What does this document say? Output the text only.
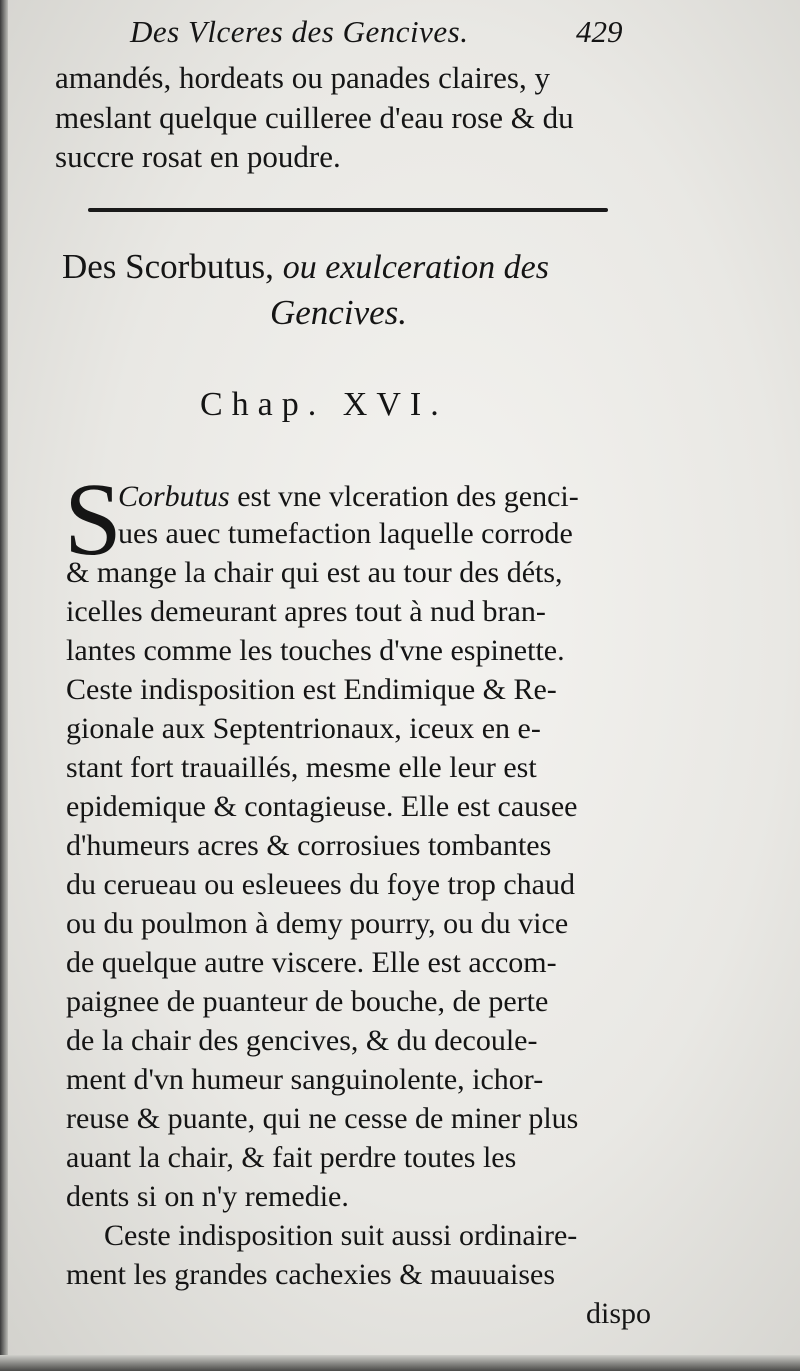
Des Vlceres des Gencives.	429
amandés, hordeats ou panades claires, y
meslant quelque cuilleree d'eau rose & du
succre rosat en poudre.
Des Scorbutus, ou exulceration des
Gencives.
Chap. XVI.
S
Corbutus est vne vlceration des genci-
ues auec tumefaction laquelle corrode
& mange la chair qui est au tour des déts,
icelles demeurant apres tout à nud bran-
lantes comme les touches d'vne espinette.
Ceste indisposition est Endimique & Re-
gionale aux Septentrionaux, iceux en e-
stant fort trauaillés, mesme elle leur est
epidemique & contagieuse. Elle est causee
d'humeurs acres & corrosiues tombantes
du cerueau ou esleuees du foye trop chaud
ou du poulmon à demy pourry, ou du vice
de quelque autre viscere. Elle est accom-
paignee de puanteur de bouche, de perte
de la chair des gencives, & du decoule-
ment d'vn humeur sanguinolente, ichor-
reuse & puante, qui ne cesse de miner plus
auant la chair, & fait perdre toutes les
dents si on n'y remedie.
Ceste indisposition suit aussi ordinaire-
ment les grandes cachexies & mauuaises
dispo
